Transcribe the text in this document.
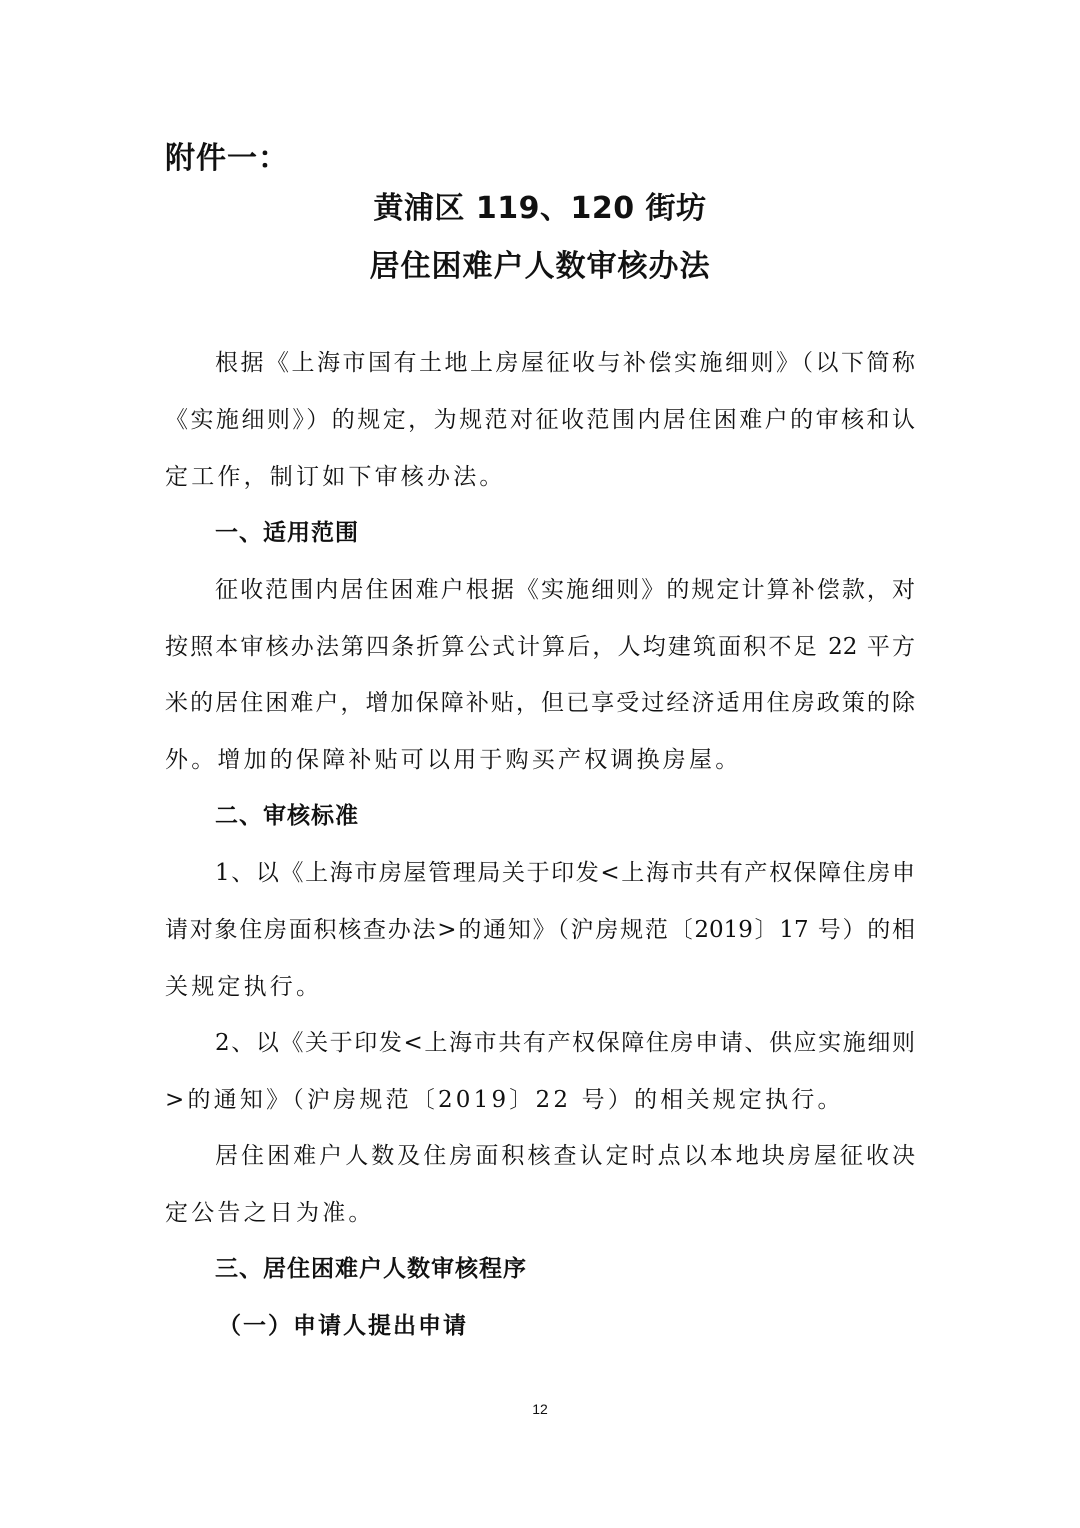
附件一：
黄浦区 119、120 街坊
居住困难户人数审核办法
根据《上海市国有土地上房屋征收与补偿实施细则》（以下简称
《实施细则》）的规定，为规范对征收范围内居住困难户的审核和认
定工作，制订如下审核办法。
一、适用范围
征收范围内居住困难户根据《实施细则》的规定计算补偿款，对
按照本审核办法第四条折算公式计算后，人均建筑面积不足 22 平方
米的居住困难户，增加保障补贴，但已享受过经济适用住房政策的除
外。增加的保障补贴可以用于购买产权调换房屋。
二、审核标准
1、以《上海市房屋管理局关于印发<上海市共有产权保障住房申
请对象住房面积核查办法>的通知》（沪房规范〔2019〕17 号）的相
关规定执行。
2、以《关于印发<上海市共有产权保障住房申请、供应实施细则
>的通知》（沪房规范〔2019〕22 号）的相关规定执行。
居住困难户人数及住房面积核查认定时点以本地块房屋征收决
定公告之日为准。
三、居住困难户人数审核程序
（一）申请人提出申请
12
